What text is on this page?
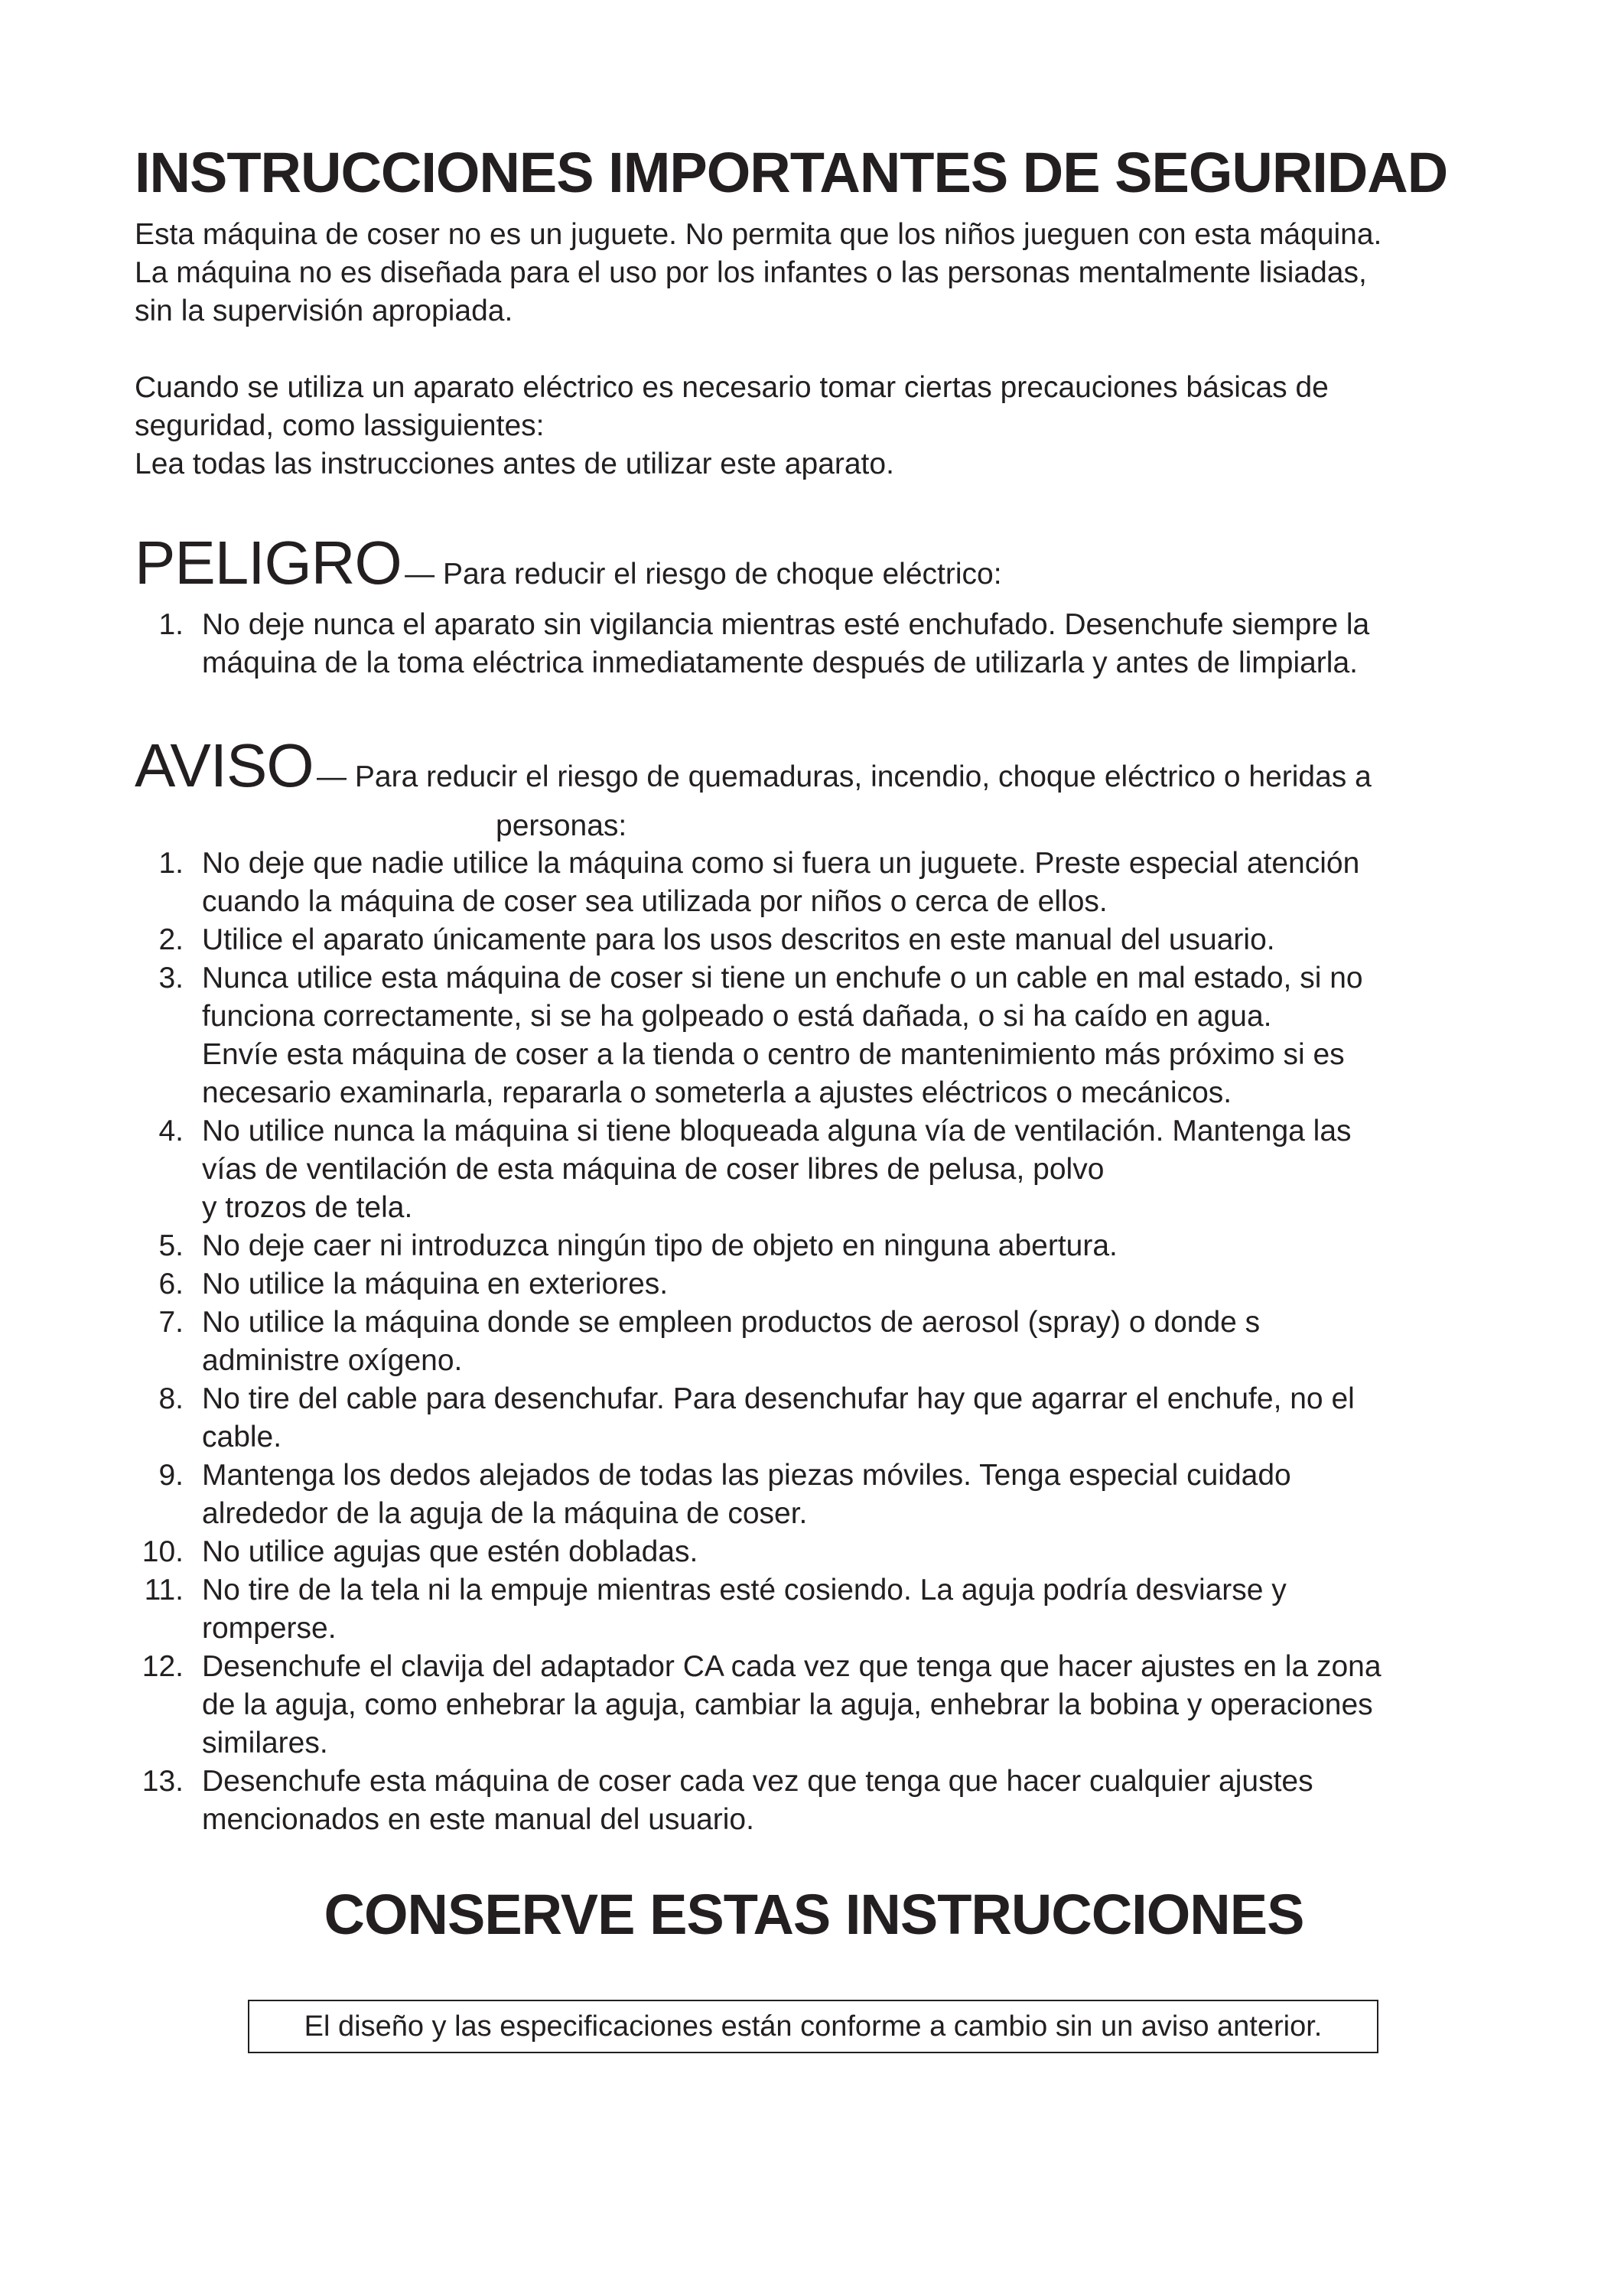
INSTRUCCIONES IMPORTANTES DE SEGURIDAD
Esta máquina de coser no es un juguete. No permita que los niños jueguen con esta máquina.
La máquina no es diseñada para el uso por los infantes o las personas mentalmente lisiadas,
sin la supervisión apropiada.
Cuando se utiliza un aparato eléctrico es necesario tomar ciertas precauciones básicas de
seguridad, como lassiguientes:
Lea todas las instrucciones antes de utilizar este aparato.
PELIGRO — Para reducir el riesgo de choque eléctrico:
1. No deje nunca el aparato sin vigilancia mientras esté enchufado. Desenchufe siempre la
máquina de la toma eléctrica inmediatamente después de utilizarla y antes de limpiarla.
AVISO — Para reducir el riesgo de quemaduras, incendio, choque eléctrico o heridas a
personas:
1. No deje que nadie utilice la máquina como si fuera un juguete. Preste especial atención
cuando la máquina de coser sea utilizada por niños o cerca de ellos.
2. Utilice el aparato únicamente para los usos descritos en este manual del usuario.
3. Nunca utilice esta máquina de coser si tiene un enchufe o un cable en mal estado, si no
funciona correctamente, si se ha golpeado o está dañada, o si ha caído en agua.
Envíe esta máquina de coser a la tienda o centro de mantenimiento más próximo si es
necesario examinarla, repararla o someterla a ajustes eléctricos o mecánicos.
4. No utilice nunca la máquina si tiene bloqueada alguna vía de ventilación. Mantenga las
vías de ventilación de esta máquina de coser libres de pelusa, polvo
y trozos de tela.
5. No deje caer ni introduzca ningún tipo de objeto en ninguna abertura.
6. No utilice la máquina en exteriores.
7. No utilice la máquina donde se empleen productos de aerosol (spray) o donde s
administre oxígeno.
8. No tire del cable para desenchufar. Para desenchufar hay que agarrar el enchufe, no el
cable.
9. Mantenga los dedos alejados de todas las piezas móviles. Tenga especial cuidado
alrededor de la aguja de la máquina de coser.
10. No utilice agujas que estén dobladas.
11. No tire de la tela ni la empuje mientras esté cosiendo. La aguja podría desviarse y
romperse.
12. Desenchufe el clavija del adaptador CA cada vez que tenga que hacer ajustes en la zona
de la aguja, como enhebrar la aguja, cambiar la aguja, enhebrar la bobina y operaciones
similares.
13. Desenchufe esta máquina de coser cada vez que tenga que hacer cualquier ajustes
mencionados en este manual del usuario.
CONSERVE ESTAS INSTRUCCIONES
El diseño y las especificaciones están conforme a cambio sin un aviso anterior.
